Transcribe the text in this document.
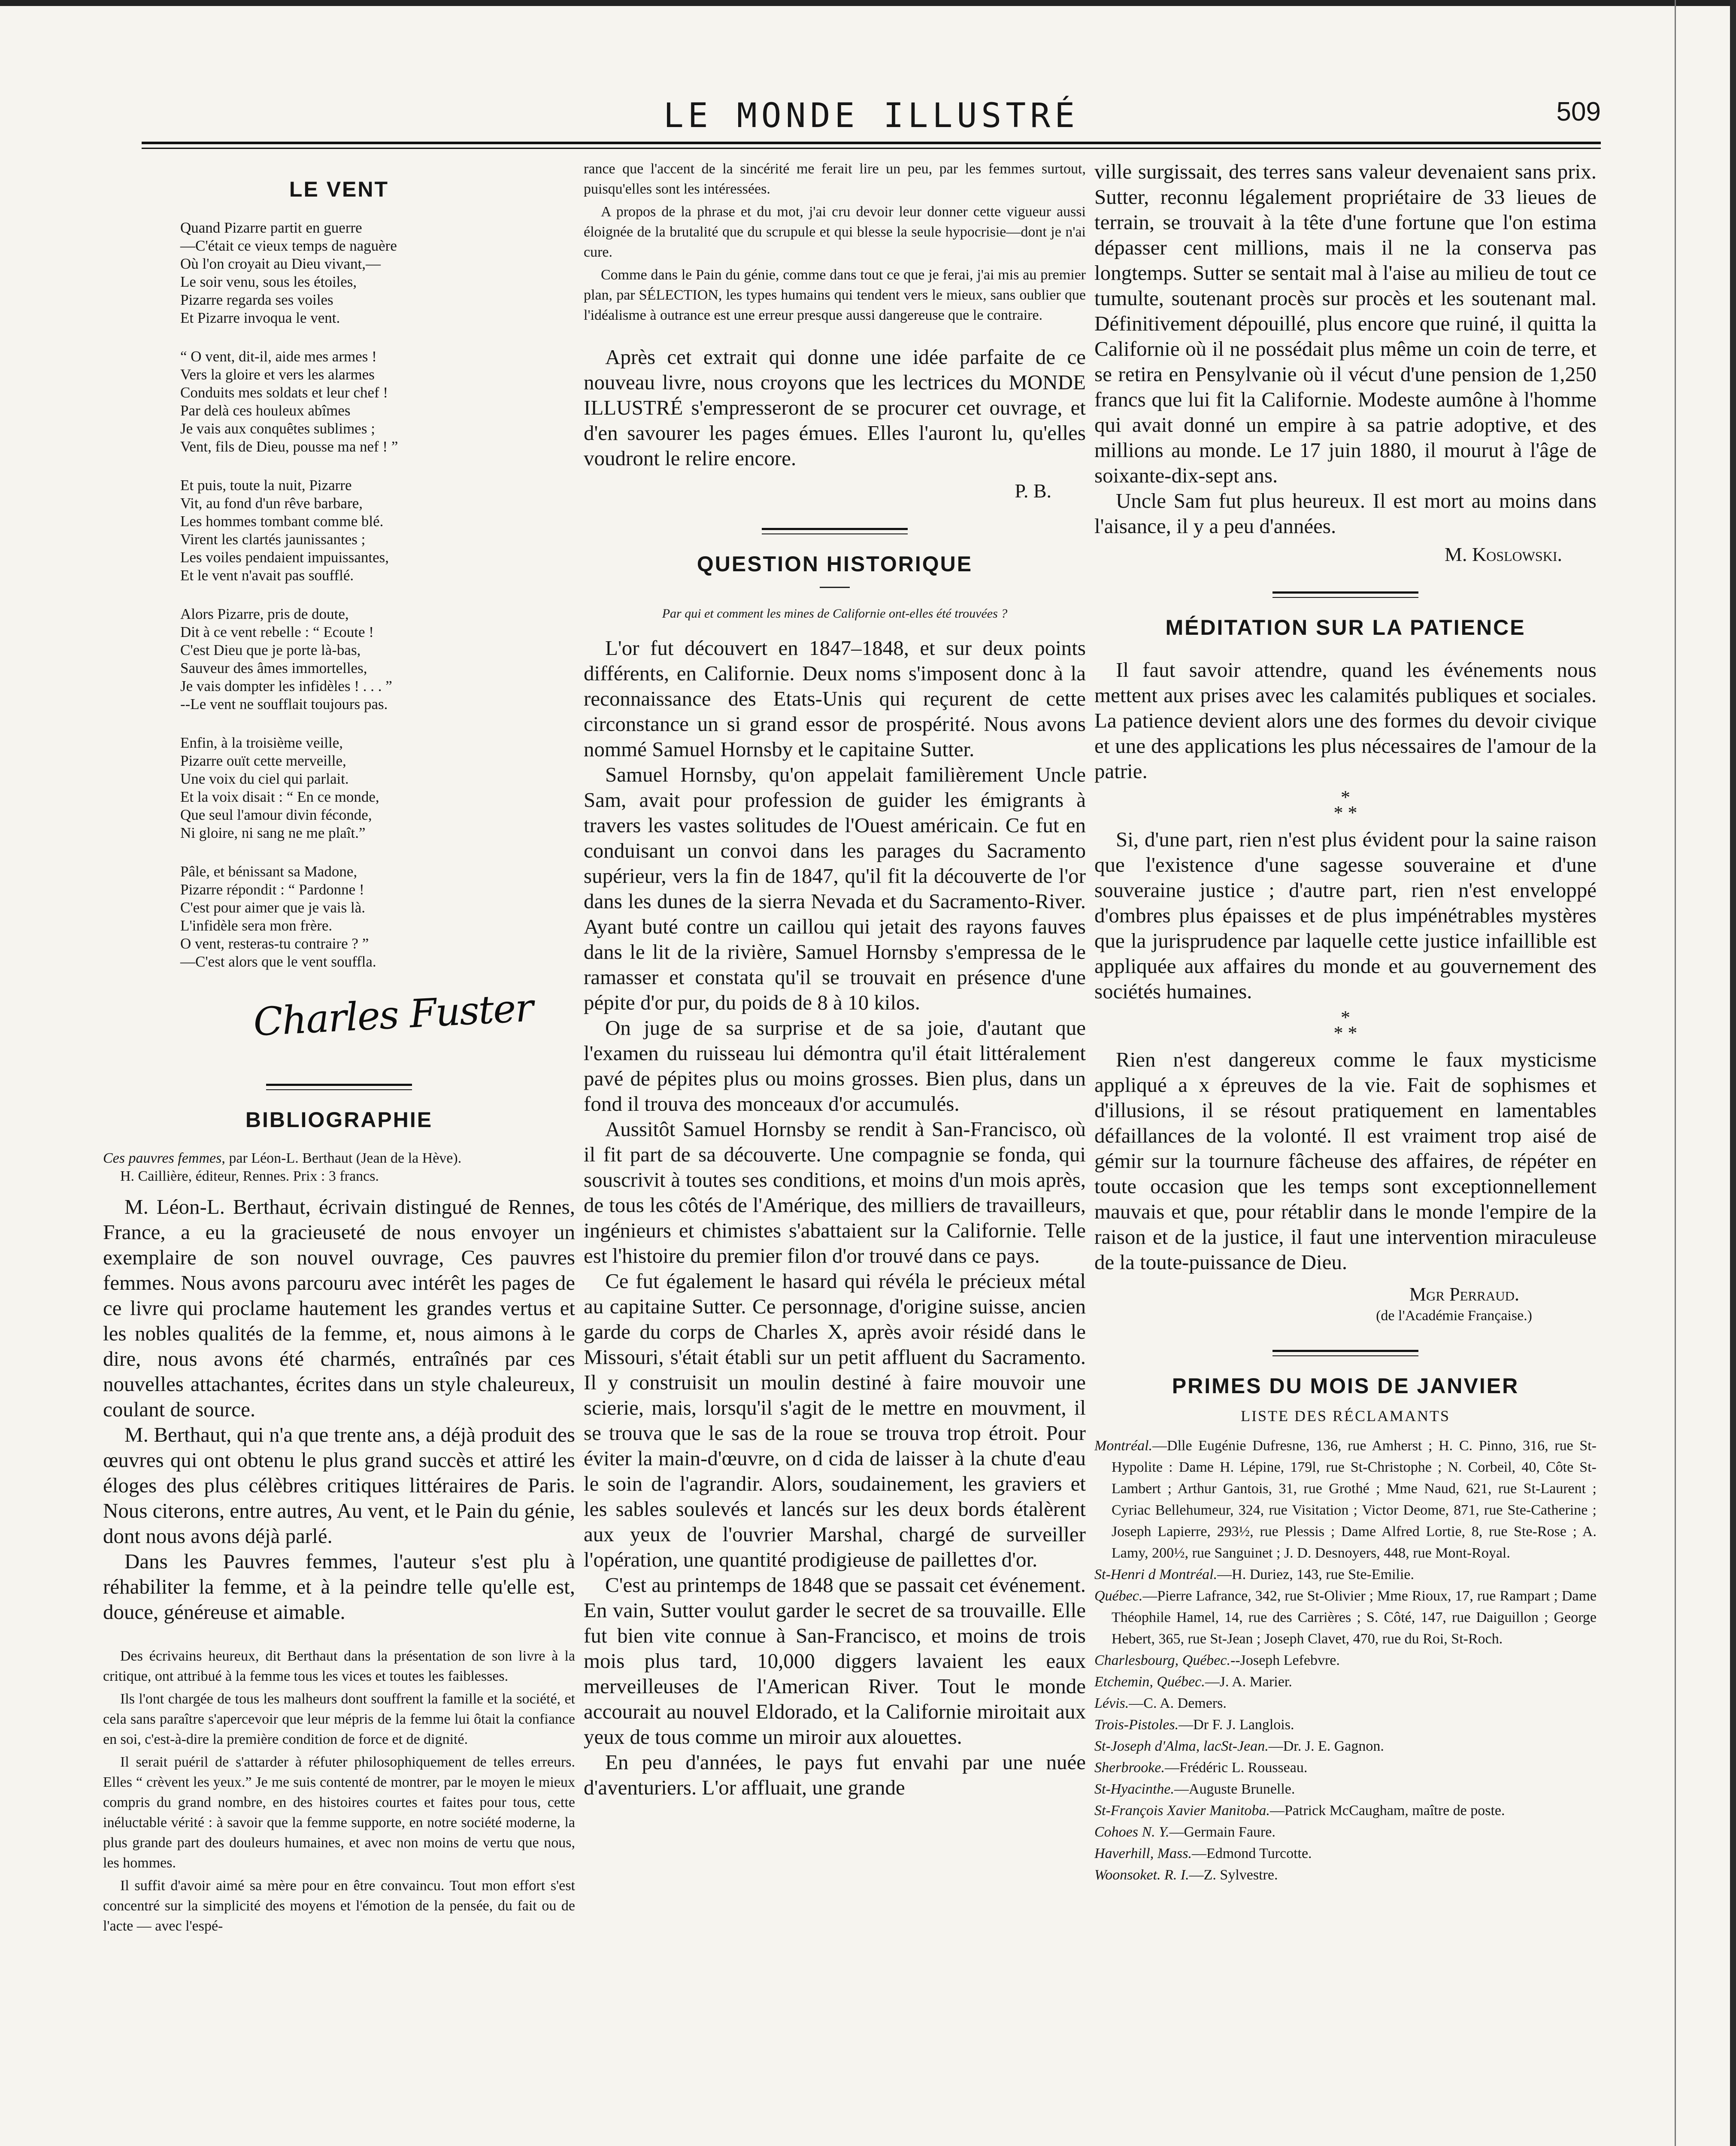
LE MONDE ILLUSTRÉ	509
LE VENT
Quand Pizarre partit en guerre
—C'était ce vieux temps de naguère
Où l'on croyait au Dieu vivant,—
Le soir venu, sous les étoiles,
Pizarre regarda ses voiles
Et Pizarre invoqua le vent.
“ O vent, dit-il, aide mes armes !
Vers la gloire et vers les alarmes
Conduits mes soldats et leur chef !
Par delà ces houleux abîmes
Je vais aux conquêtes sublimes ;
Vent, fils de Dieu, pousse ma nef ! ”
Et puis, toute la nuit, Pizarre
Vit, au fond d'un rêve barbare,
Les hommes tombant comme blé.
Virent les clartés jaunissantes ;
Les voiles pendaient impuissantes,
Et le vent n'avait pas soufflé.
Alors Pizarre, pris de doute,
Dit à ce vent rebelle : “ Ecoute !
C'est Dieu que je porte là-bas,
Sauveur des âmes immortelles,
Je vais dompter les infidèles ! . . . ”
--Le vent ne soufflait toujours pas.
Enfin, à la troisième veille,
Pizarre ouït cette merveille,
Une voix du ciel qui parlait.
Et la voix disait : “ En ce monde,
Que seul l'amour divin féconde,
Ni gloire, ni sang ne me plaît.”
Pâle, et bénissant sa Madone,
Pizarre répondit : “ Pardonne !
C'est pour aimer que je vais là.
L'infidèle sera mon frère.
O vent, resteras-tu contraire ? ”
—C'est alors que le vent souffla.
Charles Fuster
BIBLIOGRAPHIE
Ces pauvres femmes, par Léon-L. Berthaut (Jean de la Hève).
H. Caillière, éditeur, Rennes. Prix : 3 francs.

M. Léon-L. Berthaut, écrivain distingué de Rennes, France, a eu la gracieuseté de nous envoyer un exemplaire de son nouvel ouvrage, Ces pauvres femmes. Nous avons parcouru avec intérêt les pages de ce livre qui proclame hautement les grandes vertus et les nobles qualités de la femme, et, nous aimons à le dire, nous avons été charmés, entraînés par ces nouvelles attachantes, écrites dans un style chaleureux, coulant de source.

M. Berthaut, qui n'a que trente ans, a déjà produit des œuvres qui ont obtenu le plus grand succès et attiré les éloges des plus célèbres critiques littéraires de Paris. Nous citerons, entre autres, Au vent, et le Pain du génie, dont nous avons déjà parlé.

Dans les Pauvres femmes, l'auteur s'est plu à réhabiliter la femme, et à la peindre telle qu'elle est, douce, généreuse et aimable.

Des écrivains heureux, dit Berthaut dans la présentation de son livre à la critique, ont attribué à la femme tous les vices et toutes les faiblesses.

Ils l'ont chargée de tous les malheurs dont souffrent la famille et la société, et cela sans paraître s'apercevoir que leur mépris de la femme lui ôtait la confiance en soi, c'est-à-dire la première condition de force et de dignité.

Il serait puéril de s'attarder à réfuter philosophiquement de telles erreurs. Elles “ crèvent les yeux.” Je me suis contenté de montrer, par le moyen le mieux compris du grand nombre, en des histoires courtes et faites pour tous, cette inéluctable vérité : à savoir que la femme supporte, en notre société moderne, la plus grande part des douleurs humaines, et avec non moins de vertu que nous, les hommes.

Il suffit d'avoir aimé sa mère pour en être convaincu. Tout mon effort s'est concentré sur la simplicité des moyens et l'émotion de la pensée, du fait ou de l'acte — avec l'espé-

rance que l'accent de la sincérité me ferait lire un peu, par les femmes surtout, puisqu'elles sont les intéressées.

A propos de la phrase et du mot, j'ai cru devoir leur donner cette vigueur aussi éloignée de la brutalité que du scrupule et qui blesse la seule hypocrisie—dont je n'ai cure.

Comme dans le Pain du génie, comme dans tout ce que je ferai, j'ai mis au premier plan, par SÉLECTION, les types humains qui tendent vers le mieux, sans oublier que l'idéalisme à outrance est une erreur presque aussi dangereuse que le contraire.

Après cet extrait qui donne une idée parfaite de ce nouveau livre, nous croyons que les lectrices du MONDE ILLUSTRÉ s'empresseront de se procurer cet ouvrage, et d'en savourer les pages émues. Elles l'auront lu, qu'elles voudront le relire encore.

P. B.
QUESTION HISTORIQUE
Par qui et comment les mines de Californie ont-elles été trouvées ?

L'or fut découvert en 1847–1848, et sur deux points différents, en Californie. Deux noms s'imposent donc à la reconnaissance des Etats-Unis qui reçurent de cette circonstance un si grand essor de prospérité. Nous avons nommé Samuel Hornsby et le capitaine Sutter.

Samuel Hornsby, qu'on appelait familièrement Uncle Sam, avait pour profession de guider les émigrants à travers les vastes solitudes de l'Ouest américain. Ce fut en conduisant un convoi dans les parages du Sacramento supérieur, vers la fin de 1847, qu'il fit la découverte de l'or dans les dunes de la sierra Nevada et du Sacramento-River. Ayant buté contre un caillou qui jetait des rayons fauves dans le lit de la rivière, Samuel Hornsby s'empressa de le ramasser et constata qu'il se trouvait en présence d'une pépite d'or pur, du poids de 8 à 10 kilos.

On juge de sa surprise et de sa joie, d'autant que l'examen du ruisseau lui démontra qu'il était littéralement pavé de pépites plus ou moins grosses. Bien plus, dans un fond il trouva des monceaux d'or accumulés.

Aussitôt Samuel Hornsby se rendit à San-Francisco, où il fit part de sa découverte. Une compagnie se fonda, qui souscrivit à toutes ses conditions, et moins d'un mois après, de tous les côtés de l'Amérique, des milliers de travailleurs, ingénieurs et chimistes s'abattaient sur la Californie. Telle est l'histoire du premier filon d'or trouvé dans ce pays.

Ce fut également le hasard qui révéla le précieux métal au capitaine Sutter. Ce personnage, d'origine suisse, ancien garde du corps de Charles X, après avoir résidé dans le Missouri, s'était établi sur un petit affluent du Sacramento. Il y construisit un moulin destiné à faire mouvoir une scierie, mais, lorsqu'il s'agit de le mettre en mouvment, il se trouva que le sas de la roue se trouva trop étroit. Pour éviter la main-d'œuvre, on d cida de laisser à la chute d'eau le soin de l'agrandir. Alors, soudainement, les graviers et les sables soulevés et lancés sur les deux bords étalèrent aux yeux de l'ouvrier Marshal, chargé de surveiller l'opération, une quantité prodigieuse de paillettes d'or.

C'est au printemps de 1848 que se passait cet événement. En vain, Sutter voulut garder le secret de sa trouvaille. Elle fut bien vite connue à San-Francisco, et moins de trois mois plus tard, 10,000 diggers lavaient les eaux merveilleuses de l'American River. Tout le monde accourait au nouvel Eldorado, et la Californie miroitait aux yeux de tous comme un miroir aux alouettes.

En peu d'années, le pays fut envahi par une nuée d'aventuriers. L'or affluait, une grande

ville surgissait, des terres sans valeur devenaient sans prix. Sutter, reconnu légalement propriétaire de 33 lieues de terrain, se trouvait à la tête d'une fortune que l'on estima dépasser cent millions, mais il ne la conserva pas longtemps. Sutter se sentait mal à l'aise au milieu de tout ce tumulte, soutenant procès sur procès et les soutenant mal. Définitivement dépouillé, plus encore que ruiné, il quitta la Californie où il ne possédait plus même un coin de terre, et se retira en Pensylvanie où il vécut d'une pension de 1,250 francs que lui fit la Californie. Modeste aumône à l'homme qui avait donné un empire à sa patrie adoptive, et des millions au monde. Le 17 juin 1880, il mourut à l'âge de soixante-dix-sept ans.

Uncle Sam fut plus heureux. Il est mort au moins dans l'aisance, il y a peu d'années.

M. Koslowski.
MÉDITATION SUR LA PATIENCE

Il faut savoir attendre, quand les événements nous mettent aux prises avec les calamités publiques et sociales. La patience devient alors une des formes du devoir civique et une des applications les plus nécessaires de l'amour de la patrie.

*
* *

Si, d'une part, rien n'est plus évident pour la saine raison que l'existence d'une sagesse souveraine et d'une souveraine justice ; d'autre part, rien n'est enveloppé d'ombres plus épaisses et de plus impénétrables mystères que la jurisprudence par laquelle cette justice infaillible est appliquée aux affaires du monde et au gouvernement des sociétés humaines.

*
* *

Rien n'est dangereux comme le faux mysticisme appliqué a x épreuves de la vie. Fait de sophismes et d'illusions, il se résout pratiquement en lamentables défaillances de la volonté. Il est vraiment trop aisé de gémir sur la tournure fâcheuse des affaires, de répéter en toute occasion que les temps sont exceptionnellement mauvais et que, pour rétablir dans le monde l'empire de la raison et de la justice, il faut une intervention miraculeuse de la toute-puissance de Dieu.

Mgr Perraud.
(de l'Académie Française.)
PRIMES DU MOIS DE JANVIER
LISTE DES RÉCLAMANTS

Montréal.—Dlle Eugénie Dufresne, 136, rue Amherst ; H. C. Pinno, 316, rue St-Hypolite : Dame H. Lépine, 179l, rue St-Christophe ; N. Corbeil, 40, Côte St-Lambert ; Arthur Gantois, 31, rue Grothé ; Mme Naud, 621, rue St-Laurent ; Cyriac Bellehumeur, 324, rue Visitation ; Victor Deome, 871, rue Ste-Catherine ; Joseph Lapierre, 293½, rue Plessis ; Dame Alfred Lortie, 8, rue Ste-Rose ; A. Lamy, 200½, rue Sanguinet ; J. D. Desnoyers, 448, rue Mont-Royal.

St-Henri d Montréal.—H. Duriez, 143, rue Ste-Emilie.

Québec.—Pierre Lafrance, 342, rue St-Olivier ; Mme Rioux, 17, rue Rampart ; Dame Théophile Hamel, 14, rue des Carrières ; S. Côté, 147, rue Daiguillon ; George Hebert, 365, rue St-Jean ; Joseph Clavet, 470, rue du Roi, St-Roch.

Charlesbourg, Québec.--Joseph Lefebvre.

Etchemin, Québec.—J. A. Marier.

Lévis.—C. A. Demers.

Trois-Pistoles.—Dr F. J. Langlois.

St-Joseph d'Alma, lacSt-Jean.—Dr. J. E. Gagnon.

Sherbrooke.—Frédéric L. Rousseau.

St-Hyacinthe.—Auguste Brunelle.

St-François Xavier Manitoba.—Patrick McCaugham, maître de poste.

Cohoes N. Y.—Germain Faure.

Haverhill, Mass.—Edmond Turcotte.

Woonsoket. R. I.—Z. Sylvestre.
